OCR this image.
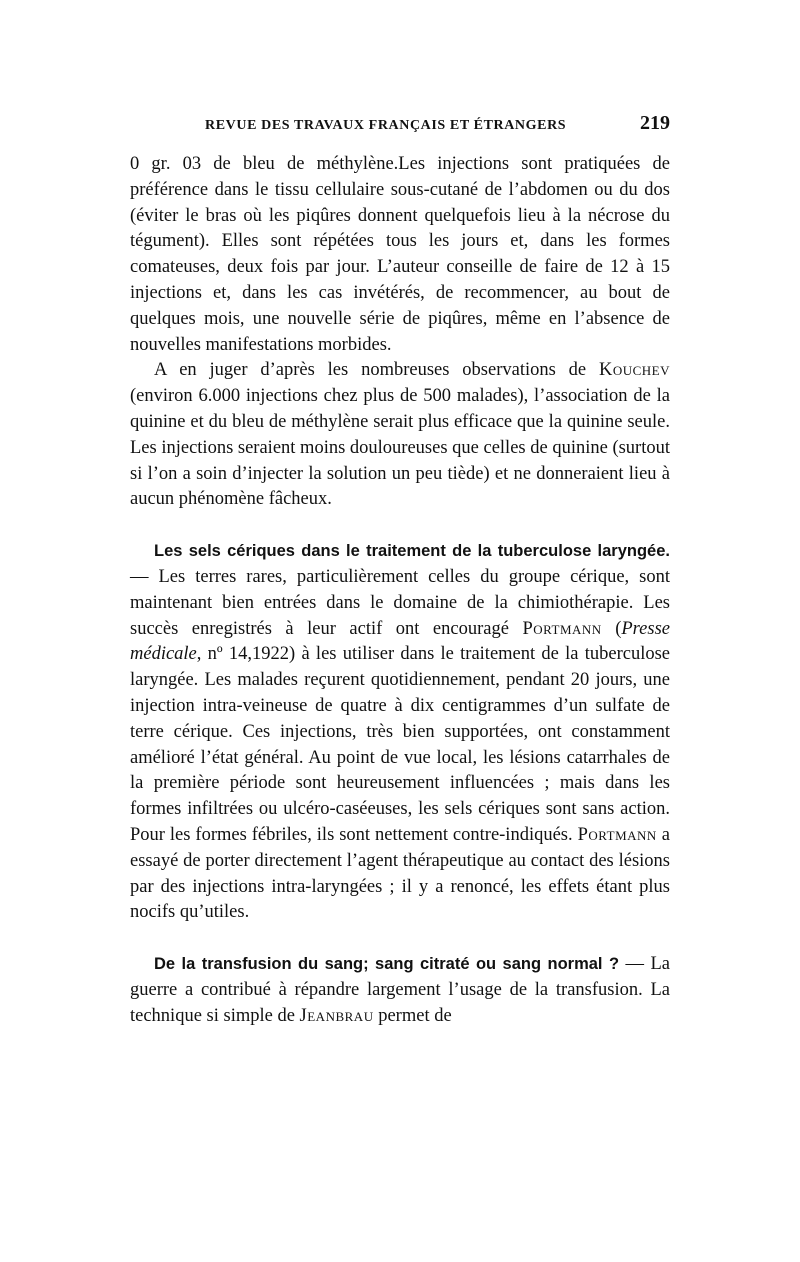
REVUE DES TRAVAUX FRANÇAIS ET ÉTRANGERS	219

0 gr. 03 de bleu de méthylène.Les injections sont pratiquées de préférence dans le tissu cellulaire sous-cutané de l’abdomen ou du dos (éviter le bras où les piqûres donnent quelquefois lieu à la nécrose du tégument). Elles sont répétées tous les jours et, dans les formes comateuses, deux fois par jour. L’auteur conseille de faire de 12 à 15 injections et, dans les cas invétérés, de recommencer, au bout de quelques mois, une nouvelle série de piqûres, même en l’absence de nouvelles manifestations morbides.

A en juger d’après les nombreuses observations de Kouchev (environ 6.000 injections chez plus de 500 malades), l’association de la quinine et du bleu de méthylène serait plus efficace que la quinine seule. Les injections seraient moins douloureuses que celles de quinine (surtout si l’on a soin d’injecter la solution un peu tiède) et ne donneraient lieu à aucun phénomène fâcheux.

Les sels cériques dans le traitement de la tuberculose laryngée. — Les terres rares, particulièrement celles du groupe cérique, sont maintenant bien entrées dans le domaine de la chimiothérapie. Les succès enregistrés à leur actif ont encouragé Portmann (Presse médicale, nº 14,1922) à les utiliser dans le traitement de la tuberculose laryngée. Les malades reçurent quotidiennement, pendant 20 jours, une injection intra-veineuse de quatre à dix centigrammes d’un sulfate de terre cérique. Ces injections, très bien supportées, ont constamment amélioré l’état général. Au point de vue local, les lésions catarrhales de la première période sont heureusement influencées ; mais dans les formes infiltrées ou ulcéro-caséeuses, les sels cériques sont sans action. Pour les formes fébriles, ils sont nettement contre-indiqués. Portmann a essayé de porter directement l’agent thérapeutique au contact des lésions par des injections intra-laryngées ; il y a renoncé, les effets étant plus nocifs qu’utiles.

De la transfusion du sang; sang citraté ou sang normal ? — La guerre a contribué à répandre largement l’usage de la transfusion. La technique si simple de Jeanbrau permet de
